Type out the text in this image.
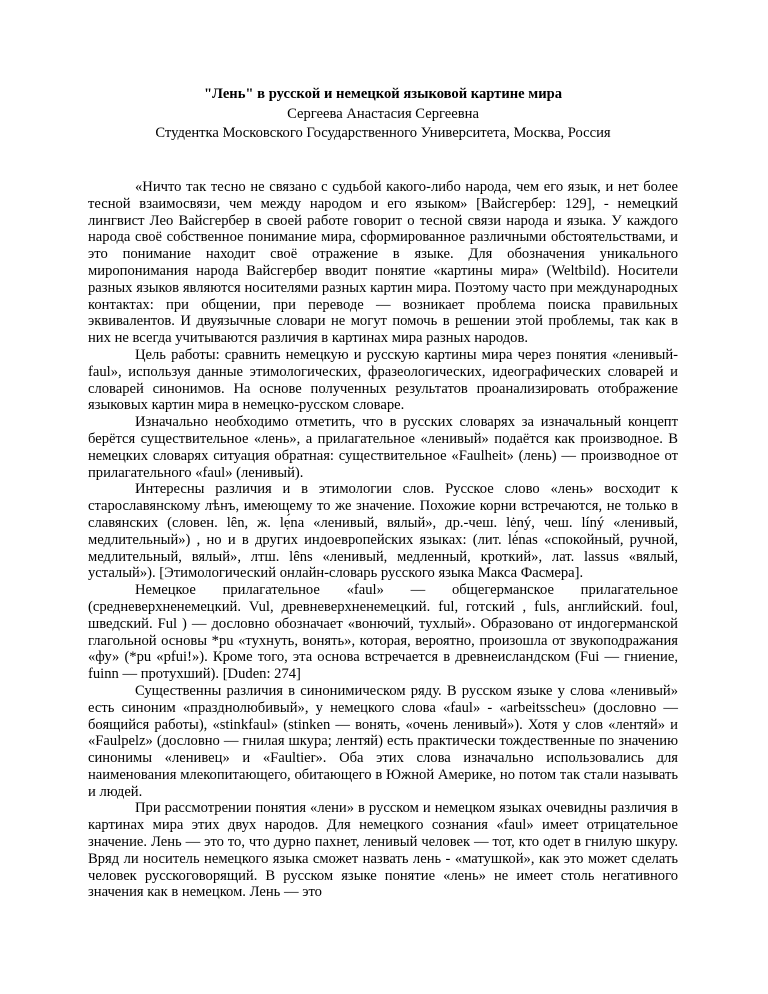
"Лень" в русской и немецкой языковой картине мира
Сергеева Анастасия Сергеевна
Студентка Московского Государственного Университета, Москва, Россия

«Ничто так тесно не связано с судьбой какого-либо народа, чем его язык, и нет более тесной взаимосвязи, чем между народом и его языком» [Вайсгербер: 129], - немецкий лингвист Лео Вайсгербер в своей работе говорит о тесной связи народа и языка. У каждого народа своё собственное понимание мира, сформированное различными обстоятельствами, и это понимание находит своё отражение в языке. Для обозначения уникального миропонимания народа Вайсгербер вводит понятие «картины мира» (Weltbild). Носители разных языков являются носителями разных картин мира. Поэтому часто при международных контактах: при общении, при переводе — возникает проблема поиска правильных эквивалентов. И двуязычные словари не могут помочь в решении этой проблемы, так как в них не всегда учитываются различия в картинах мира разных народов.

Цель работы: сравнить немецкую и русскую картины мира через понятия «ленивый-faul», используя данные этимологических, фразеологических, идеографических словарей и словарей синонимов. На основе полученных результатов проанализировать отображение языковых картин мира в немецко-русском словаре.

Изначально необходимо отметить, что в русских словарях за изначальный концепт берётся существительное «лень», а прилагательное «ленивый» подаётся как производное. В немецких словарях ситуация обратная: существительное «Faulheit» (лень) — производное от прилагательного «faul» (ленивый).

Интересны различия и в этимологии слов. Русское слово «лень» восходит к старославянскому лѣнъ, имеющему то же значение. Похожие корни встречаются, не только в славянских (словен. lȇn, ж. lẹ́na «ленивый, вялый», др.-чеш. lėný, чеш. líný «ленивый, медлительный») , но и в других индоевропейских языках: (лит. lė́nas «спокойный, ручной, медлительный, вялый», лтш. lȇns «ленивый, медленный, кроткий», лат. lassus «вялый, усталый»). [Этимологический онлайн-словарь русского языка Макса Фасмера].

Немецкое прилагательное «faul» — общегерманское прилагательное (средневерхненемецкий. Vul, древневерхненемецкий. ful, готский , fuls, английский. foul, шведский. Ful ) — дословно обозначает «вонючий, тухлый». Образовано от индогерманской глагольной основы *pu «тухнуть, вонять», которая, вероятно, произошла от звукоподражания «фу» (*pu «pfui!»). Кроме того, эта основа встречается в древнеисландском (Fui — гниение, fuinn — протухший). [Duden: 274]

Существенны различия в синонимическом ряду. В русском языке у слова «ленивый» есть синоним «празднолюбивый», у немецкого слова «faul» - «arbeitsscheu» (дословно — боящийся работы), «stinkfaul» (stinken — вонять, «очень ленивый»). Хотя у слов «лентяй» и «Faulpelz» (дословно — гнилая шкура; лентяй) есть практически тождественные по значению синонимы «ленивец» и «Faultier». Оба этих слова изначально использовались для наименования млекопитающего, обитающего в Южной Америке, но потом так стали называть и людей.

При рассмотрении понятия «лени» в русском и немецком языках очевидны различия в картинах мира этих двух народов. Для немецкого сознания «faul» имеет отрицательное значение. Лень — это то, что дурно пахнет, ленивый человек — тот, кто одет в гнилую шкуру. Вряд ли носитель немецкого языка сможет назвать лень - «матушкой», как это может сделать человек русскоговорящий. В русском языке понятие «лень» не имеет столь негативного значения как в немецком. Лень — это
